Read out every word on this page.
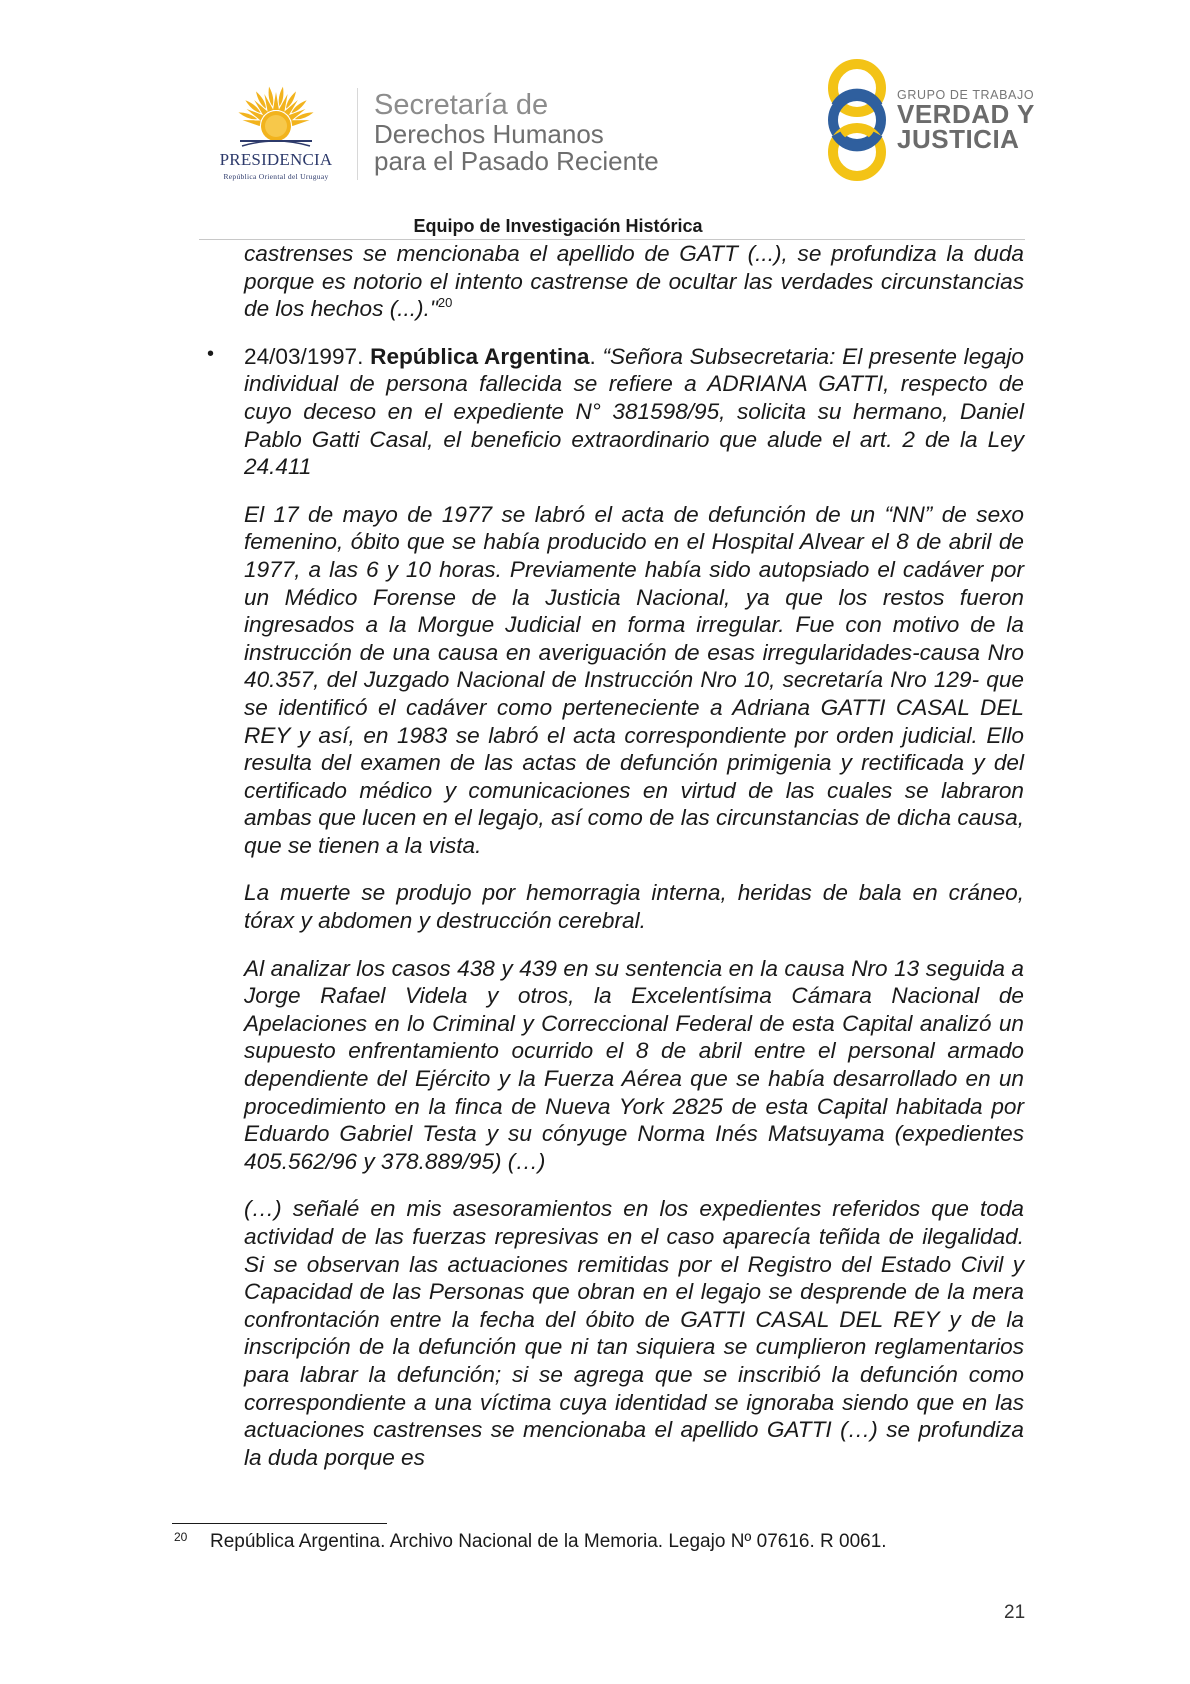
PRESIDENCIA
República Oriental del Uruguay
Secretaría de
Derechos Humanos
para el Pasado Reciente
GRUPO DE TRABAJO
VERDAD Y
JUSTICIA
Equipo de Investigación Histórica

castrenses se mencionaba el apellido de GATT (...), se profundiza la duda porque es notorio el intento castrense de ocultar las verdades circunstancias de los hechos (...)."$^{20}$

• 24/03/1997. República Argentina. “Señora Subsecretaria: El presente legajo individual de persona fallecida se refiere a ADRIANA GATTI, respecto de cuyo deceso en el expediente N° 381598/95, solicita su hermano, Daniel Pablo Gatti Casal, el beneficio extraordinario que alude el art. 2 de la Ley 24.411

El 17 de mayo de 1977 se labró el acta de defunción de un “NN” de sexo femenino, óbito que se había producido en el Hospital Alvear el 8 de abril de 1977, a las 6 y 10 horas. Previamente había sido autopsiado el cadáver por un Médico Forense de la Justicia Nacional, ya que los restos fueron ingresados a la Morgue Judicial en forma irregular. Fue con motivo de la instrucción de una causa en averiguación de esas irregularidades-causa Nro 40.357, del Juzgado Nacional de Instrucción Nro 10, secretaría Nro 129- que se identificó el cadáver como perteneciente a Adriana GATTI CASAL DEL REY y así, en 1983 se labró el acta correspondiente por orden judicial. Ello resulta del examen de las actas de defunción primigenia y rectificada y del certificado médico y comunicaciones en virtud de las cuales se labraron ambas que lucen en el legajo, así como de las circunstancias de dicha causa, que se tienen a la vista.

La muerte se produjo por hemorragia interna, heridas de bala en cráneo, tórax y abdomen y destrucción cerebral.

Al analizar los casos 438 y 439 en su sentencia en la causa Nro 13 seguida a Jorge Rafael Videla y otros, la Excelentísima Cámara Nacional de Apelaciones en lo Criminal y Correccional Federal de esta Capital analizó un supuesto enfrentamiento ocurrido el 8 de abril entre el personal armado dependiente del Ejército y la Fuerza Aérea que se había desarrollado en un procedimiento en la finca de Nueva York 2825 de esta Capital habitada por Eduardo Gabriel Testa y su cónyuge Norma Inés Matsuyama (expedientes 405.562/96 y 378.889/95) (…)

(…) señalé en mis asesoramientos en los expedientes referidos que toda actividad de las fuerzas represivas en el caso aparecía teñida de ilegalidad. Si se observan las actuaciones remitidas por el Registro del Estado Civil y Capacidad de las Personas que obran en el legajo se desprende de la mera confrontación entre la fecha del óbito de GATTI CASAL DEL REY y de la inscripción de la defunción que ni tan siquiera se cumplieron reglamentarios para labrar la defunción; si se agrega que se inscribió la defunción como correspondiente a una víctima cuya identidad se ignoraba siendo que en las actuaciones castrenses se mencionaba el apellido GATTI (…) se profundiza la duda porque es

20 República Argentina. Archivo Nacional de la Memoria. Legajo Nº 07616. R 0061.
21
